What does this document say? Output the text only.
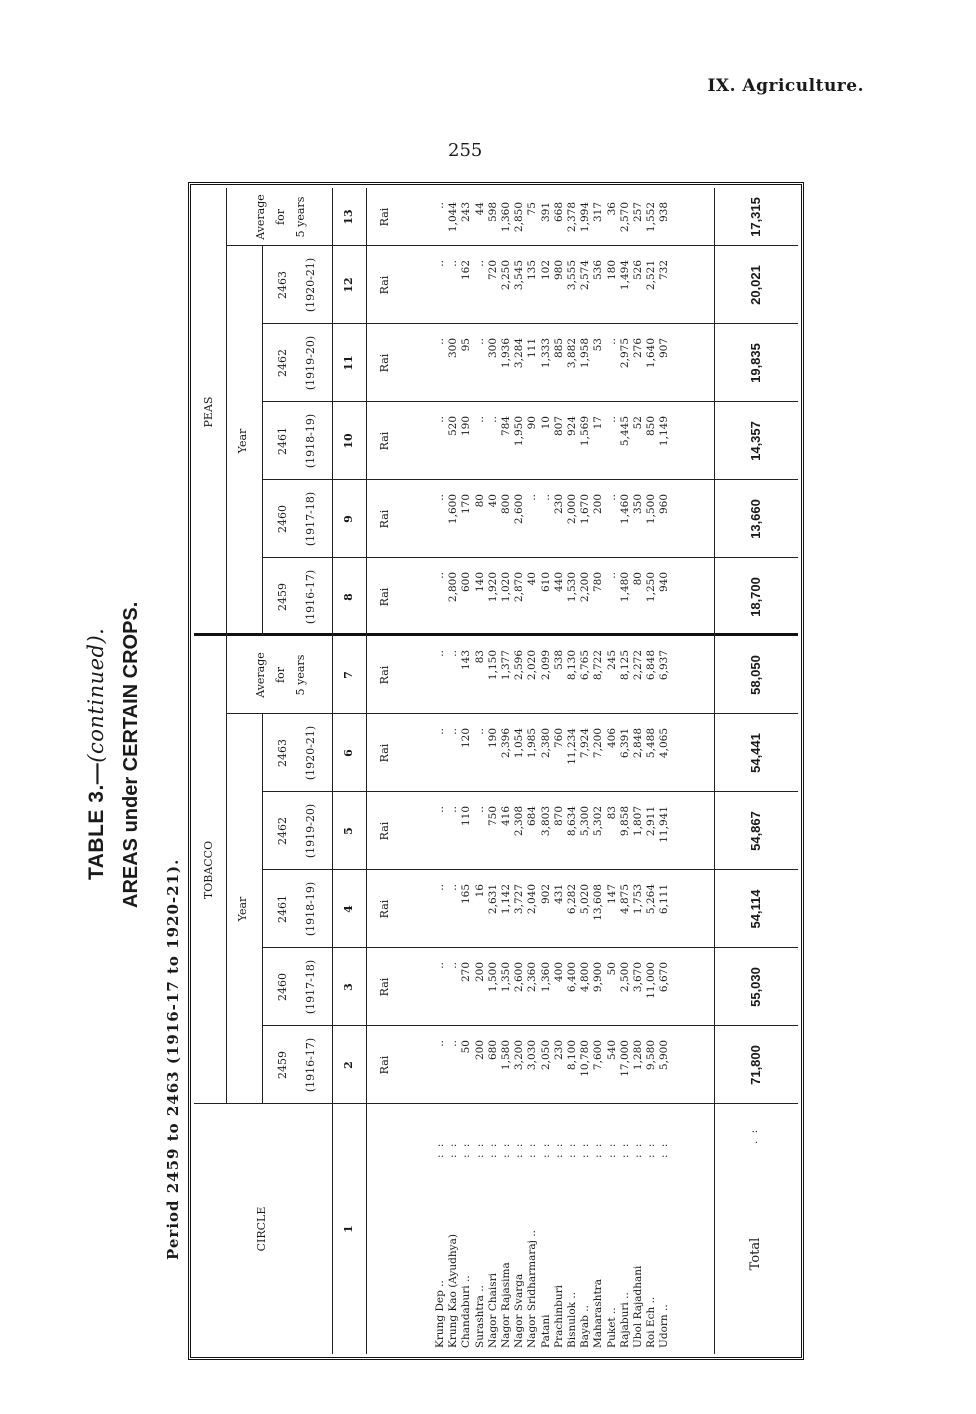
IX. Agriculture.
255
TABLE 3.—(continued). AREAS under CERTAIN CROPS.
Period 2459 to 2463 (1916-17 to 1920-21).	CIRCLE
TOBACCO
PEAS
Year
Year
2459 (1916-17)
2459 (1916-17)
2460 (1917-18)
2460 (1917-18)
2461 (1918-19)
2461 (1918-19)
2462 (1919-20)
2462 (1919-20)
2463 (1920-21)
2463 (1920-21)
Average for 5 years
Average for 5 years
1
2
3
4
5
6
7
8
9
10
11
12
13
Rai
Rai
Rai
Rai
Rai
Rai
Rai
Rai
Rai
Rai
Rai
Rai
Krung Dep ..
: :
..
..
..
..
..
..
..
..
..
..
..
..
Krung Kao (Ayudhya)
: :
..
2,800
..
1,600
..
520
..
300
..
..
..
1,044
Chandaburi ..
: :
50
600
270
170
165
190
110
95
120
162
143
243
Surashtra ..
: :
200
140
200
80
16
..
..
..
..
..
83
44
Nagor Chaisri
: :
680
1,920
1,500
40
2,631
..
750
300
190
720
1,150
598
Nagor Rajasima
: :
1,580
1,020
1,350
800
1,142
784
416
1,936
2,396
2,250
1,377
1,360
Nagor Svarga
: :
3,200
2,870
2,600
2,600
3,727
1,950
2,308
3,284
1,054
3,545
2,596
2,850
Nagor Sridharmaraj ..
: :
3,030
40
2,360
..
2,040
90
684
111
1,985
135
2,020
75
Patani
: :
2,050
610
1,360
..
902
10
3,803
1,333
2,380
102
2,099
391
Prachinburi
: :
230
440
400
230
431
807
870
885
760
980
538
668
Bisnulok ..
: :
8,100
1,530
6,400
2,000
6,282
924
8,634
3,882
11,234
3,555
8,130
2,378
Bayab ..
: :
10,780
2,200
4,800
1,670
5,020
1,569
5,300
1,958
7,924
2,574
6,765
1,994
Maharashtra
: :
7,600
780
9,900
200
13,608
17
5,302
53
7,200
536
8,722
317
Puket ..
: :
540
..
50
..
147
..
83
..
406
180
245
36
Rajaburi ..
: :
17,000
1,480
2,500
1,460
4,875
5,445
9,858
2,975
6,391
1,494
8,125
2,570
Ubol Rajadhani
: :
1,280
80
3,670
350
1,753
52
1,807
276
2,848
526
2,272
257
Roi Ech ..
: :
9,580
1,250
11,000
1,500
5,264
850
2,911
1,640
5,488
2,521
6,848
1,552
Udorn ..
: :
5,900
940
6,670
960
6,111
1,149
11,941
907
4,065
732
6,937
938
Total
. :
71,800
18,700
55,030
13,660
54,114
14,357
54,867
19,835
54,441
20,021
58,050
17,315
